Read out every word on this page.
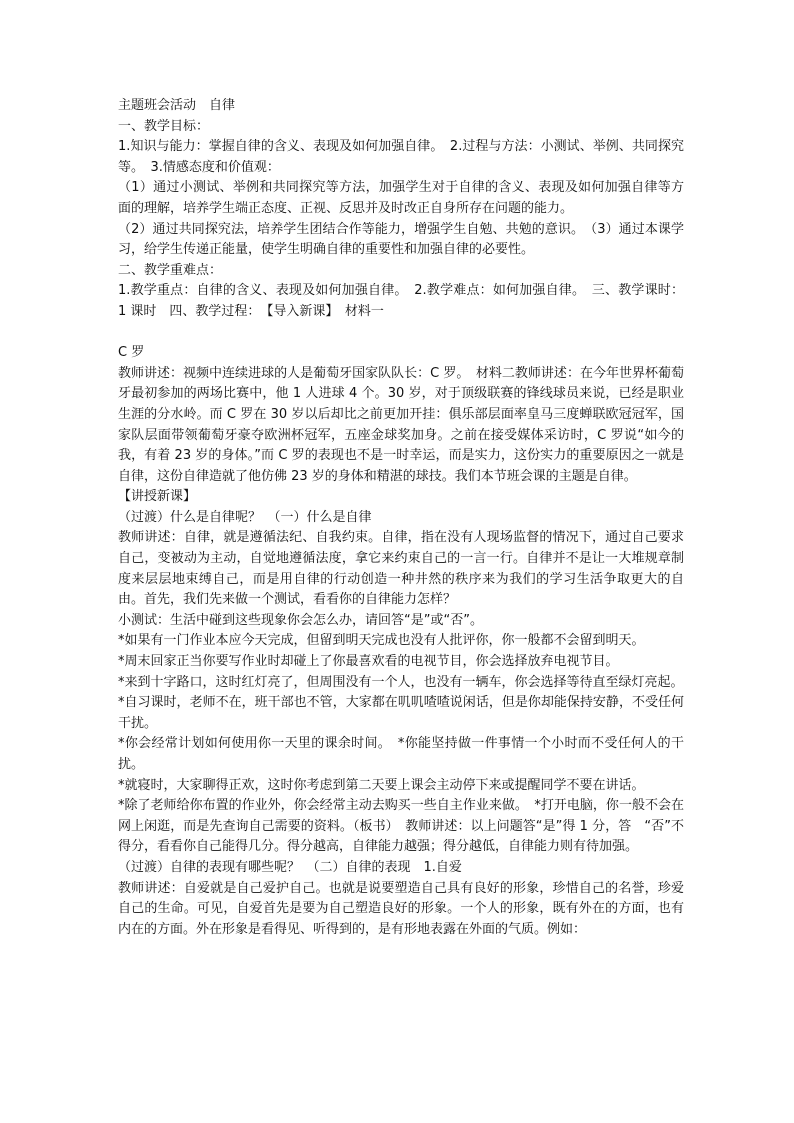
主题班会活动　自律

一、教学目标：

1.知识与能力：掌握自律的含义、表现及如何加强自律。　2.过程与方法：小测试、举例、共同探究等。　3.情感态度和价值观：

（1）通过小测试、举例和共同探究等方法，加强学生对于自律的含义、表现及如何加强自律等方面的理解，培养学生端正态度、正视、反思并及时改正自身所存在问题的能力。

（2）通过共同探究法，培养学生团结合作等能力，增强学生自勉、共勉的意识。　（3）通过本课学习，给学生传递正能量，使学生明确自律的重要性和加强自律的必要性。

二、教学重难点：

1.教学重点：自律的含义、表现及如何加强自律。　2.教学难点：如何加强自律。　三、教学课时：1 课时　四、教学过程：　【导入新课】　材料一

C 罗

教师讲述：视频中连续进球的人是葡萄牙国家队队长：C 罗。　材料二教师讲述：在今年世界杯葡萄牙最初参加的两场比赛中，他 1 人进球 4 个。30 岁，对于顶级联赛的锋线球员来说，已经是职业生涯的分水岭。而 C 罗在 30 岁以后却比之前更加开挂：俱乐部层面率皇马三度蝉联欧冠冠军，国家队层面带领葡萄牙豪夺欧洲杯冠军，五座金球奖加身。之前在接受媒体采访时，C 罗说“如今的我，有着 23 岁的身体。”而 C 罗的表现也不是一时幸运，而是实力，这份实力的重要原因之一就是自律，这份自律造就了他仿佛 23 岁的身体和精湛的球技。我们本节班会课的主题是自律。

【讲授新课】

（过渡）什么是自律呢？　（一）什么是自律

教师讲述：自律，就是遵循法纪、自我约束。自律，指在没有人现场监督的情况下，通过自己要求自己，变被动为主动，自觉地遵循法度，拿它来约束自己的一言一行。自律并不是让一大堆规章制度来层层地束缚自己，而是用自律的行动创造一种井然的秩序来为我们的学习生活争取更大的自由。首先，我们先来做一个测试，看看你的自律能力怎样？

小测试：生活中碰到这些现象你会怎么办，请回答“是”或“否”。

*如果有一门作业本应今天完成，但留到明天完成也没有人批评你，你一般都不会留到明天。

*周末回家正当你要写作业时却碰上了你最喜欢看的电视节目，你会选择放弃电视节目。

*来到十字路口，这时红灯亮了，但周围没有一个人，也没有一辆车，你会选择等待直至绿灯亮起。

*自习课时，老师不在，班干部也不管，大家都在叽叽喳喳说闲话，但是你却能保持安静，不受任何干扰。

*你会经常计划如何使用你一天里的课余时间。　*你能坚持做一件事情一个小时而不受任何人的干扰。

*就寝时，大家聊得正欢，这时你考虑到第二天要上课会主动停下来或提醒同学不要在讲话。

*除了老师给你布置的作业外，你会经常主动去购买一些自主作业来做。　*打开电脑，你一般不会在网上闲逛，而是先查询自己需要的资料。（板书）　教师讲述：以上问题答“是”得 1 分，答　“否”不得分，看看你自己能得几分。得分越高，自律能力越强；得分越低，自律能力则有待加强。

（过渡）自律的表现有哪些呢？　（二）自律的表现　1.自爱

教师讲述：自爱就是自己爱护自己。也就是说要塑造自己具有良好的形象，珍惜自己的名誉，珍爱自己的生命。可见，自爱首先是要为自己塑造良好的形象。一个人的形象，既有外在的方面，也有内在的方面。外在形象是看得见、听得到的，是有形地表露在外面的气质。例如：
